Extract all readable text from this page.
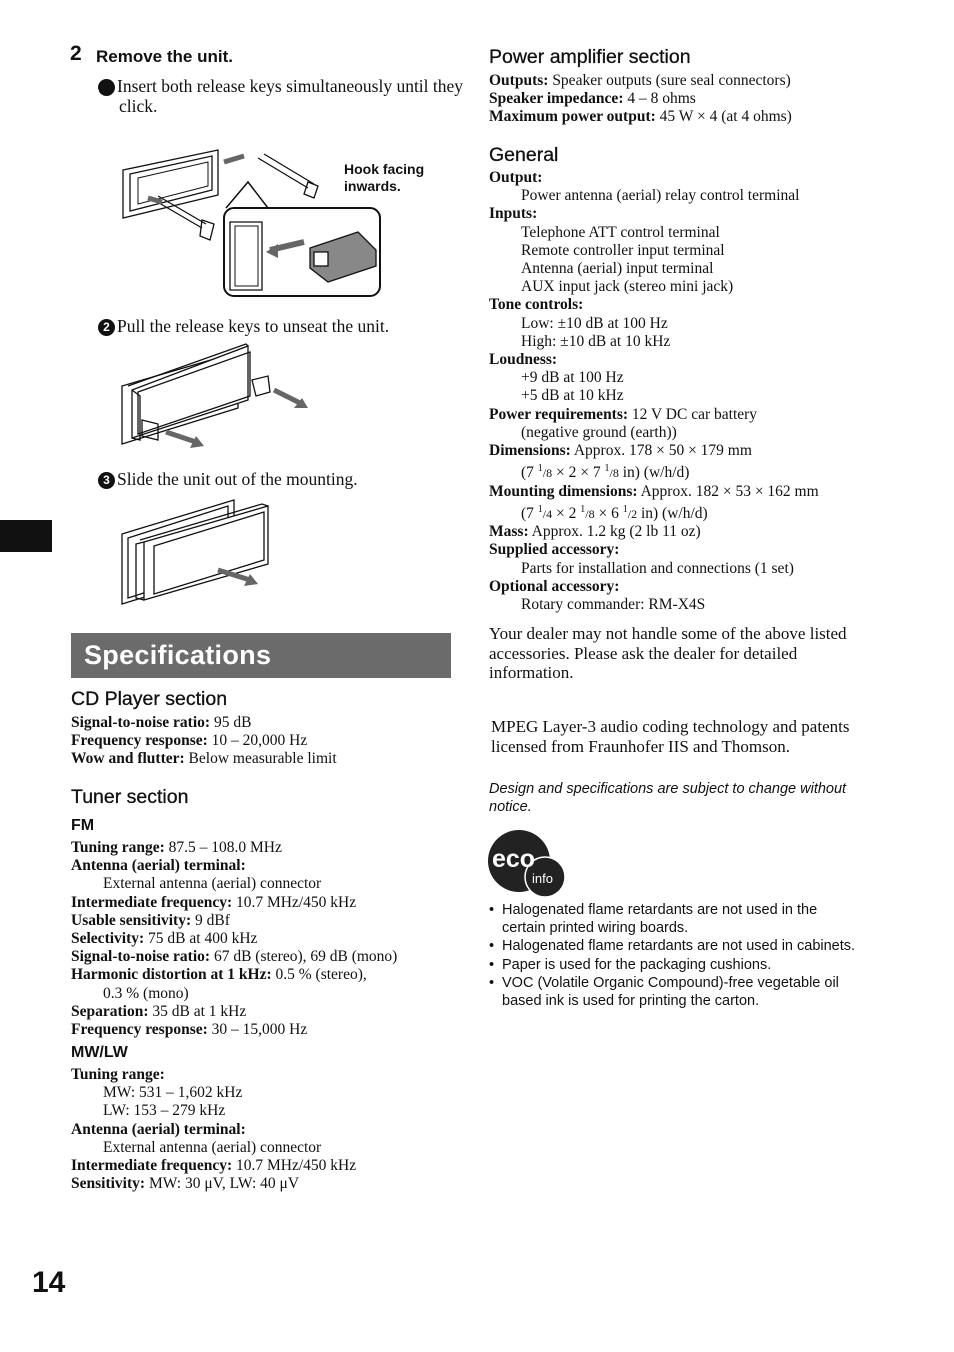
2 Remove the unit.
1 Insert both release keys simultaneously until they click.
Hook facing
inwards.
2 Pull the release keys to unseat the unit.
3 Slide the unit out of the mounting.
Specifications
CD Player section
Signal-to-noise ratio: 95 dB
Frequency response: 10 – 20,000 Hz
Wow and flutter: Below measurable limit
Tuner section
FM
Tuning range: 87.5 – 108.0 MHz
Antenna (aerial) terminal:
External antenna (aerial) connector
Intermediate frequency: 10.7 MHz/450 kHz
Usable sensitivity: 9 dBf
Selectivity: 75 dB at 400 kHz
Signal-to-noise ratio: 67 dB (stereo), 69 dB (mono)
Harmonic distortion at 1 kHz: 0.5 % (stereo),
0.3 % (mono)
Separation: 35 dB at 1 kHz
Frequency response: 30 – 15,000 Hz
MW/LW
Tuning range:
MW: 531 – 1,602 kHz
LW: 153 – 279 kHz
Antenna (aerial) terminal:
External antenna (aerial) connector
Intermediate frequency: 10.7 MHz/450 kHz
Sensitivity: MW: 30 μV, LW: 40 μV
Power amplifier section
Outputs: Speaker outputs (sure seal connectors)
Speaker impedance: 4 – 8 ohms
Maximum power output: 45 W × 4 (at 4 ohms)
General
Output:
Power antenna (aerial) relay control terminal
Inputs:
Telephone ATT control terminal
Remote controller input terminal
Antenna (aerial) input terminal
AUX input jack (stereo mini jack)
Tone controls:
Low: ±10 dB at 100 Hz
High: ±10 dB at 10 kHz
Loudness:
+9 dB at 100 Hz
+5 dB at 10 kHz
Power requirements: 12 V DC car battery
(negative ground (earth))
Dimensions: Approx. 178 × 50 × 179 mm
(7 $^1$/8 × 2 × 7 $^1$/8 in) (w/h/d)
Mounting dimensions: Approx. 182 × 53 × 162 mm
(7 $^1$/4 × 2 $^1$/8 × 6 $^1$/2 in) (w/h/d)
Mass: Approx. 1.2 kg (2 lb 11 oz)
Supplied accessory:
Parts for installation and connections (1 set)
Optional accessory:
Rotary commander: RM-X4S
Your dealer may not handle some of the above listed accessories. Please ask the dealer for detailed information.
MPEG Layer-3 audio coding technology and patents licensed from Fraunhofer IIS and Thomson.
Design and specifications are subject to change without notice.
eco
info
• Halogenated flame retardants are not used in the certain printed wiring boards.
• Halogenated flame retardants are not used in cabinets.
• Paper is used for the packaging cushions.
• VOC (Volatile Organic Compound)-free vegetable oil based ink is used for printing the carton.
14
